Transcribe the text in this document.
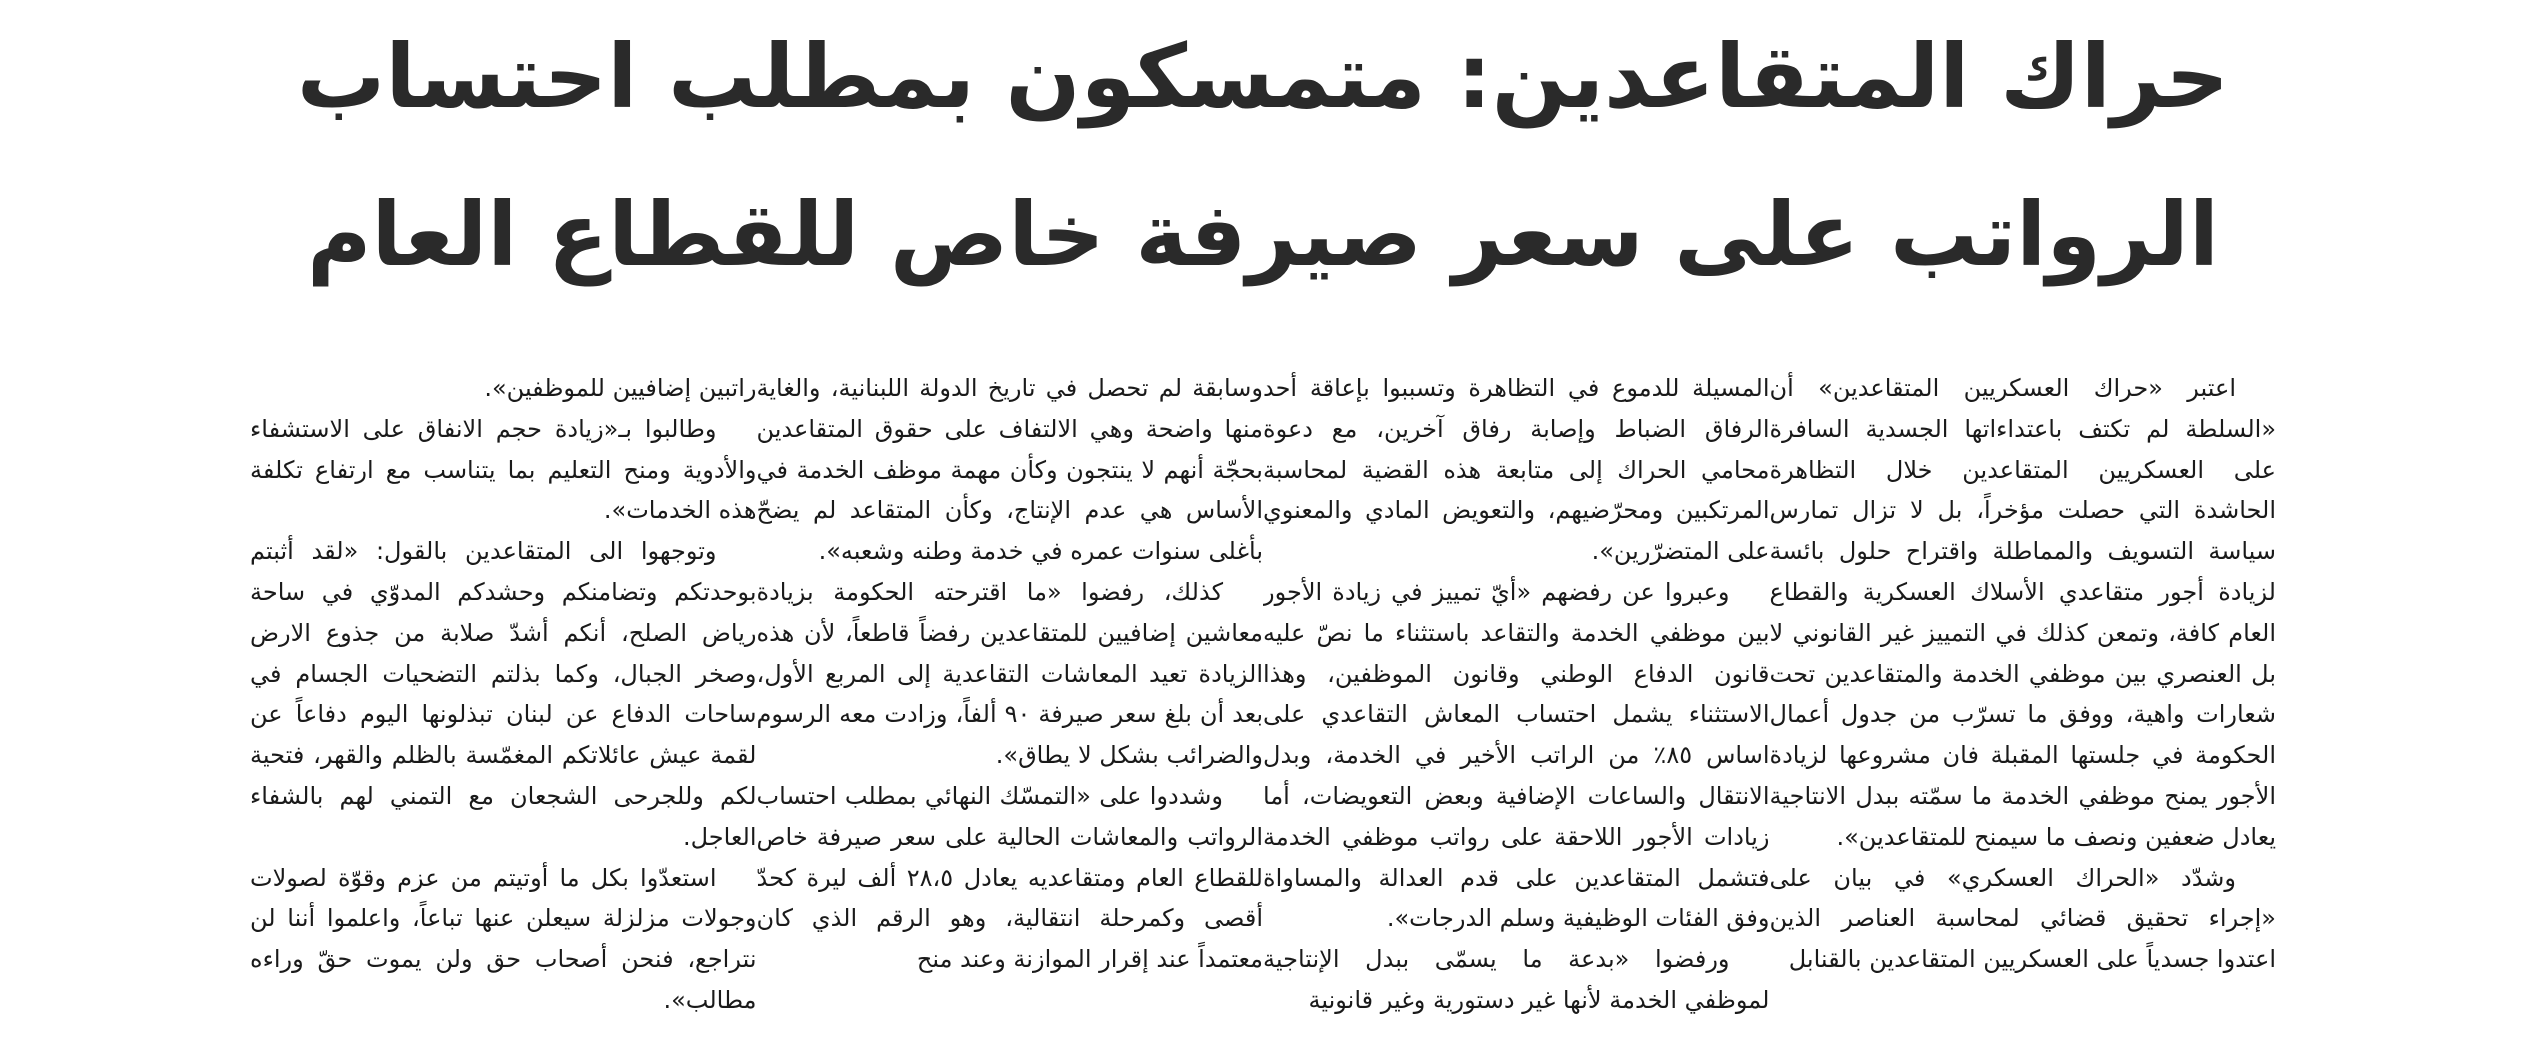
حراك المتقاعدين: متمسكون بمطلب احتساب
الرواتب على سعر صيرفة خاص للقطاع العام

اعتبر «حراك العسكريين المتقاعدين» أن «السلطة لم تكتف باعتداءاتها الجسدية السافرة على العسكريين المتقاعدين خلال التظاهرة الحاشدة التي حصلت مؤخراً، بل لا تزال تمارس سياسة التسويف والمماطلة واقتراح حلول بائسة لزيادة أجور متقاعدي الأسلاك العسكرية والقطاع العام كافة، وتمعن كذلك في التمييز غير القانوني لا بل العنصري بين موظفي الخدمة والمتقاعدين تحت شعارات واهية، ووفق ما تسرّب من جدول أعمال الحكومة في جلستها المقبلة فان مشروعها لزيادة الأجور يمنح موظفي الخدمة ما سمّته ببدل الانتاجية يعادل ضعفين ونصف ما سيمنح للمتقاعدين».

وشدّد «الحراك العسكري» في بيان على «إجراء تحقيق قضائي لمحاسبة العناصر الذين اعتدوا جسدياً على العسكريين المتقاعدين بالقنابل

المسيلة للدموع في التظاهرة وتسببوا بإعاقة أحد الرفاق الضباط وإصابة رفاق آخرين، مع دعوة محامي الحراك إلى متابعة هذه القضية لمحاسبة المرتكبين ومحرّضيهم، والتعويض المادي والمعنوي على المتضرّرين».

وعبروا عن رفضهم «أيّ تمييز في زيادة الأجور بين موظفي الخدمة والتقاعد باستثناء ما نصّ عليه قانون الدفاع الوطني وقانون الموظفين، وهذا الاستثناء يشمل احتساب المعاش التقاعدي على اساس ٨٥٪ من الراتب الأخير في الخدمة، وبدل الانتقال والساعات الإضافية وبعض التعويضات، أما زيادات الأجور اللاحقة على رواتب موظفي الخدمة فتشمل المتقاعدين على قدم العدالة والمساواة وفق الفئات الوظيفية وسلم الدرجات».

ورفضوا «بدعة ما يسمّى ببدل الإنتاجية لموظفي الخدمة لأنها غير دستورية وغير قانونية

وسابقة لم تحصل في تاريخ الدولة اللبنانية، والغاية منها واضحة وهي الالتفاف على حقوق المتقاعدين بحجّة أنهم لا ينتجون وكأن مهمة موظف الخدمة في الأساس هي عدم الإنتاج، وكأن المتقاعد لم يضحّ بأغلى سنوات عمره في خدمة وطنه وشعبه».

كذلك، رفضوا «ما اقترحته الحكومة بزيادة معاشين إضافيين للمتقاعدين رفضاً قاطعاً، لأن هذه الزيادة تعيد المعاشات التقاعدية إلى المربع الأول، بعد أن بلغ سعر صيرفة ٩٠ ألفاً، وزادت معه الرسوم والضرائب بشكل لا يطاق».

وشددوا على «التمسّك النهائي بمطلب احتساب الرواتب والمعاشات الحالية على سعر صيرفة خاص للقطاع العام ومتقاعديه يعادل ٢٨،٥ ألف ليرة كحدّ أقصى وكمرحلة انتقالية، وهو الرقم الذي كان معتمداً عند إقرار الموازنة وعند منح

راتبين إضافيين للموظفين».

وطالبوا بـ«زيادة حجم الانفاق على الاستشفاء والأدوية ومنح التعليم بما يتناسب مع ارتفاع تكلفة هذه الخدمات».

وتوجهوا الى المتقاعدين بالقول: «لقد أثبتم بوحدتكم وتضامنكم وحشدكم المدوّي في ساحة رياض الصلح، أنكم أشدّ صلابة من جذوع الارض وصخر الجبال، وكما بذلتم التضحيات الجسام في ساحات الدفاع عن لبنان تبذلونها اليوم دفاعاً عن لقمة عيش عائلاتكم المغمّسة بالظلم والقهر، فتحية لكم وللجرحى الشجعان مع التمني لهم بالشفاء العاجل.

استعدّوا بكل ما أوتيتم من عزم وقوّة لصولات وجولات مزلزلة سيعلن عنها تباعاً، واعلموا أننا لن نتراجع، فنحن أصحاب حق ولن يموت حقّ وراءه مطالب».
